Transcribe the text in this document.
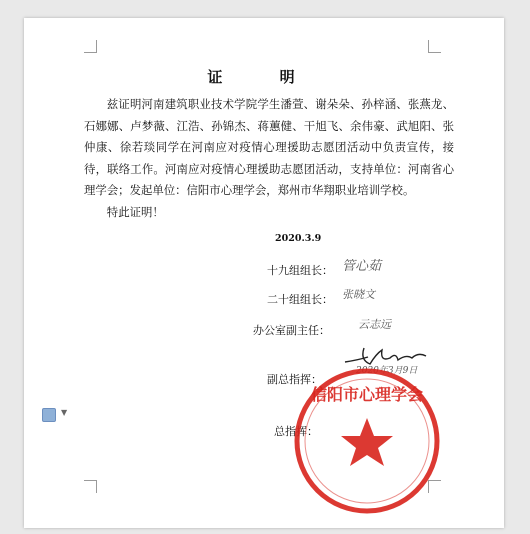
证 明

兹证明河南建筑职业技术学院学生潘萱、谢朵朵、孙梓涵、张燕龙、石娜娜、卢梦薇、江浩、孙锦杰、蒋蕙健、干旭飞、余伟豪、武旭阳、张仲康、徐若琰同学在河南应对疫情心理援助志愿团活动中负责宣传，接待，联络工作。河南应对疫情心理援助志愿团活动，支持单位：河南省心理学会；发起单位：信阳市心理学会，郑州市华翔职业培训学校。

特此证明！

2020.3.9
十九组组长： 管心茹
二十组组长： 张晓文
办公室副主任：	云志远
副总指挥：
2020年3月9日
总指挥：
信阳市心理学会
▼
